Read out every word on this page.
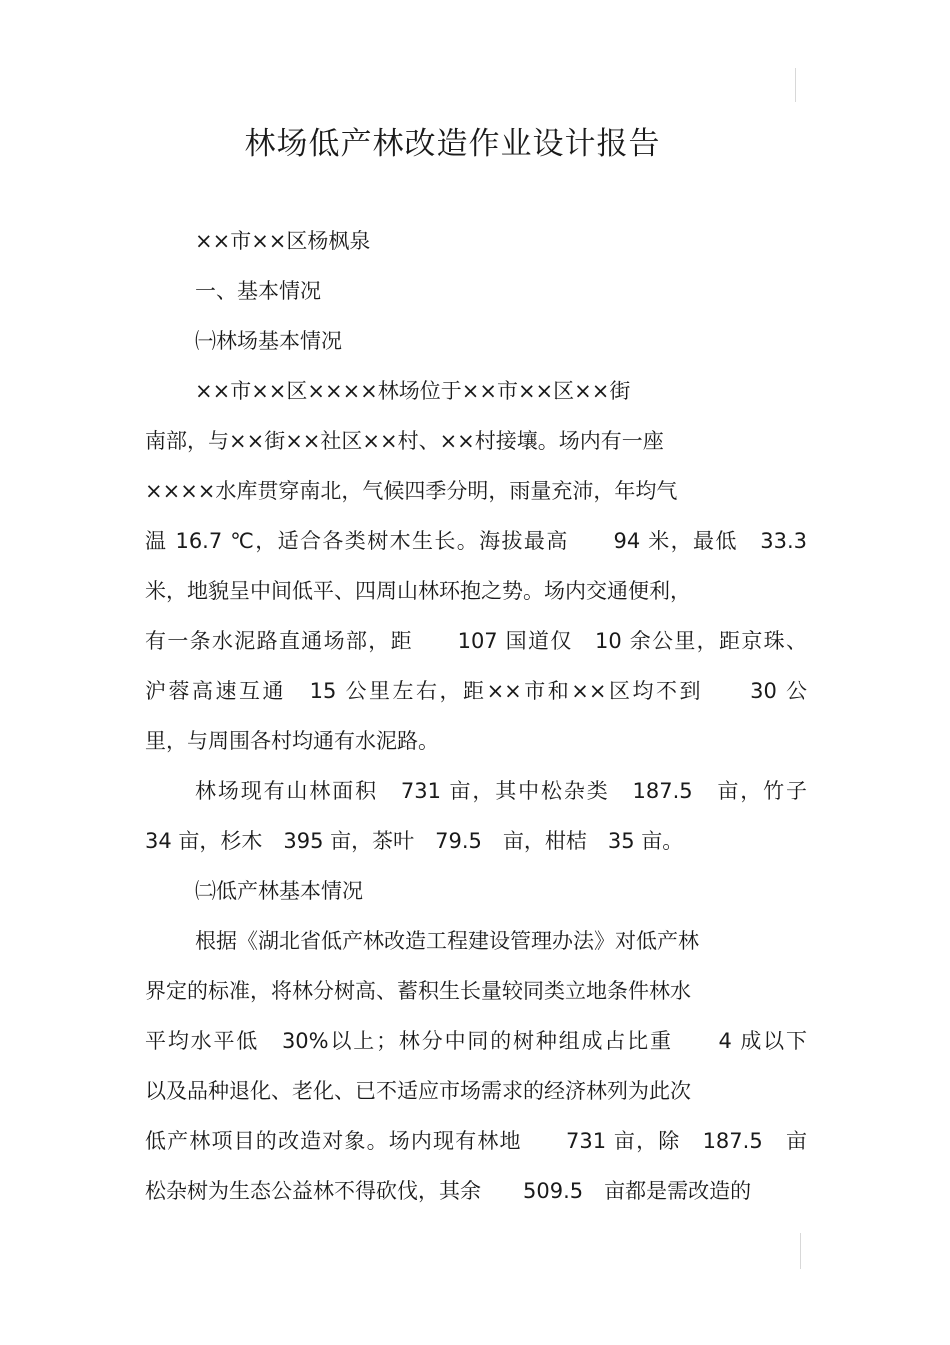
林场低产林改造作业设计报告
××市××区杨枫泉
一、基本情况
㈠林场基本情况
××市××区××××林场位于××市××区××街
南部，与××街××社区××村、××村接壤。场内有一座
××××水库贯穿南北，气候四季分明，雨量充沛，年均气
温 16.7 ℃，适合各类树木生长。海拔最高　　94 米，最低　33.3
米，地貌呈中间低平、四周山林环抱之势。场内交通便利，
有一条水泥路直通场部，距　　107 国道仅　10 余公里，距京珠、
沪蓉高速互通　15 公里左右，距××市和××区均不到　　30 公
里，与周围各村均通有水泥路。
林场现有山林面积　731 亩，其中松杂类　187.5　亩，竹子
34 亩，杉木　395 亩，茶叶　79.5　亩，柑桔　35 亩。
㈡低产林基本情况
根据《湖北省低产林改造工程建设管理办法》对低产林
界定的标准，将林分树高、蓄积生长量较同类立地条件林水
平均水平低　30%以上；林分中同的树种组成占比重　　4 成以下
以及品种退化、老化、已不适应市场需求的经济林列为此次
低产林项目的改造对象。场内现有林地　　731 亩，除　187.5　亩
松杂树为生态公益林不得砍伐，其余　　509.5　亩都是需改造的
